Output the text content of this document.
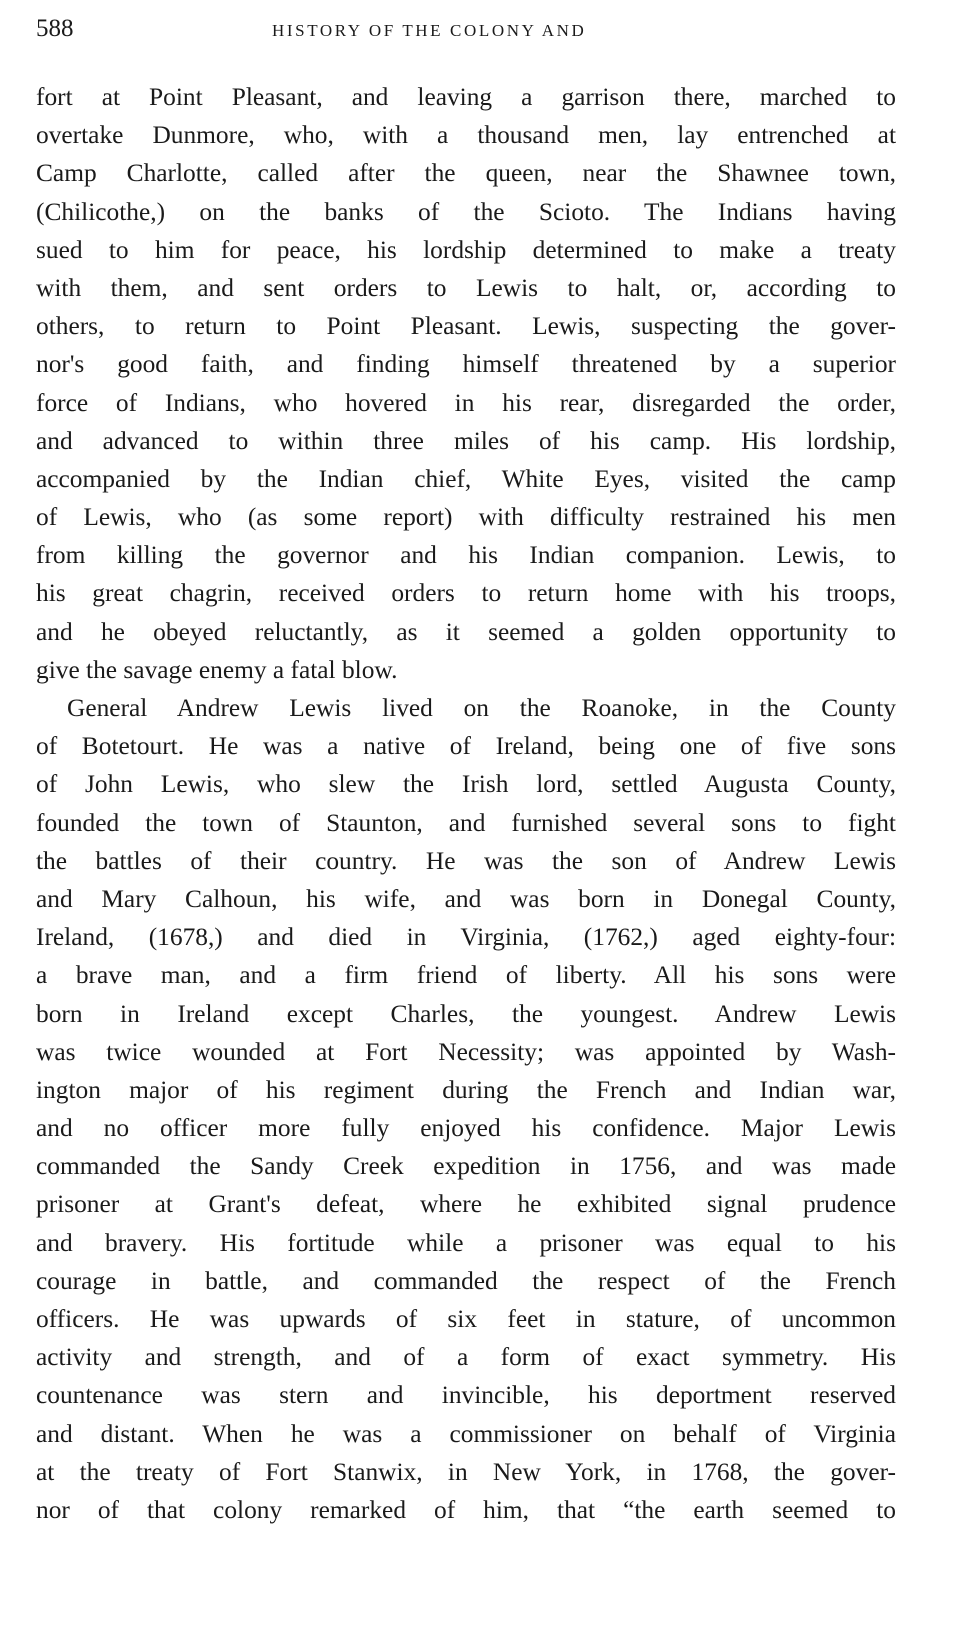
588	HISTORY OF THE COLONY AND
fort at Point Pleasant, and leaving a garrison there, marched to
overtake Dunmore, who, with a thousand men, lay entrenched at
Camp Charlotte, called after the queen, near the Shawnee town,
(Chilicothe,) on the banks of the Scioto. The Indians having
sued to him for peace, his lordship determined to make a treaty
with them, and sent orders to Lewis to halt, or, according to
others, to return to Point Pleasant. Lewis, suspecting the gover-
nor's good faith, and finding himself threatened by a superior
force of Indians, who hovered in his rear, disregarded the order,
and advanced to within three miles of his camp. His lordship,
accompanied by the Indian chief, White Eyes, visited the camp
of Lewis, who (as some report) with difficulty restrained his men
from killing the governor and his Indian companion. Lewis, to
his great chagrin, received orders to return home with his troops,
and he obeyed reluctantly, as it seemed a golden opportunity to
give the savage enemy a fatal blow.
General Andrew Lewis lived on the Roanoke, in the County
of Botetourt. He was a native of Ireland, being one of five sons
of John Lewis, who slew the Irish lord, settled Augusta County,
founded the town of Staunton, and furnished several sons to fight
the battles of their country. He was the son of Andrew Lewis
and Mary Calhoun, his wife, and was born in Donegal County,
Ireland, (1678,) and died in Virginia, (1762,) aged eighty-four:
a brave man, and a firm friend of liberty. All his sons were
born in Ireland except Charles, the youngest. Andrew Lewis
was twice wounded at Fort Necessity; was appointed by Wash-
ington major of his regiment during the French and Indian war,
and no officer more fully enjoyed his confidence. Major Lewis
commanded the Sandy Creek expedition in 1756, and was made
prisoner at Grant's defeat, where he exhibited signal prudence
and bravery. His fortitude while a prisoner was equal to his
courage in battle, and commanded the respect of the French
officers. He was upwards of six feet in stature, of uncommon
activity and strength, and of a form of exact symmetry. His
countenance was stern and invincible, his deportment reserved
and distant. When he was a commissioner on behalf of Virginia
at the treaty of Fort Stanwix, in New York, in 1768, the gover-
nor of that colony remarked of him, that “the earth seemed to
